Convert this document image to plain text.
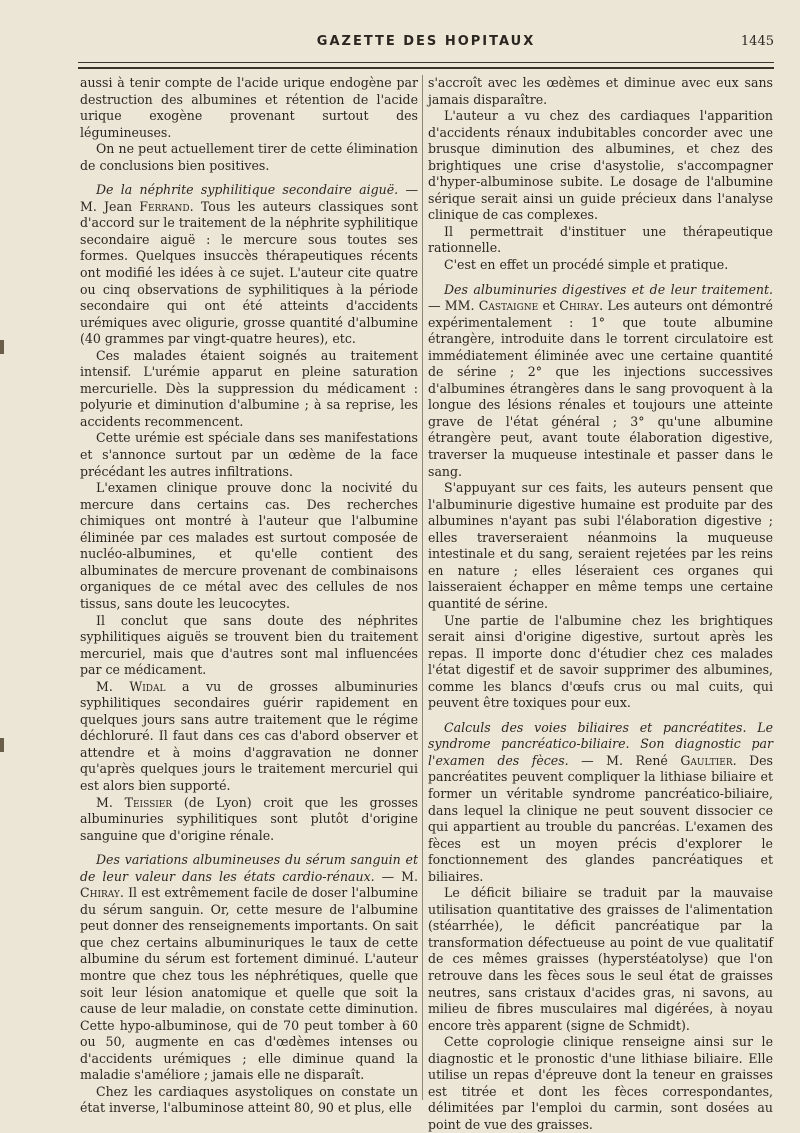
GAZETTE DES HOPITAUX	1445

aussi à tenir compte de l'acide urique endogène par destruction des albumines et rétention de l'acide urique exogène provenant surtout des légumineuses.

On ne peut actuellement tirer de cette élimination de conclusions bien positives.

De la néphrite syphilitique secondaire aiguë. — M. Jean Ferrand. Tous les auteurs classiques sont d'accord sur le traitement de la néphrite syphilitique secondaire aiguë : le mercure sous toutes ses formes. Quelques insuccès thérapeutiques récents ont modifié les idées à ce sujet. L'auteur cite quatre ou cinq observations de syphilitiques à la période secondaire qui ont été atteints d'accidents urémiques avec oligurie, grosse quantité d'albumine (40 grammes par vingt-quatre heures), etc.

Ces malades étaient soignés au traitement intensif. L'urémie apparut en pleine saturation mercurielle. Dès la suppression du médicament : polyurie et diminution d'albumine ; à sa reprise, les accidents recommencent.

Cette urémie est spéciale dans ses manifestations et s'annonce surtout par un œdème de la face précédant les autres infiltrations.

L'examen clinique prouve donc la nocivité du mercure dans certains cas. Des recherches chimiques ont montré à l'auteur que l'albumine éliminée par ces malades est surtout composée de nucléo-albumines, et qu'elle contient des albuminates de mercure provenant de combinaisons organiques de ce métal avec des cellules de nos tissus, sans doute les leucocytes.

Il conclut que sans doute des néphrites syphilitiques aiguës se trouvent bien du traitement mercuriel, mais que d'autres sont mal influencées par ce médicament.

M. Widal a vu de grosses albuminuries syphilitiques secondaires guérir rapidement en quelques jours sans autre traitement que le régime déchloruré. Il faut dans ces cas d'abord observer et attendre et à moins d'aggravation ne donner qu'après quelques jours le traitement mercuriel qui est alors bien supporté.

M. Teissier (de Lyon) croit que les grosses albuminuries syphilitiques sont plutôt d'origine sanguine que d'origine rénale.

Des variations albumineuses du sérum sanguin et de leur valeur dans les états cardio-rénaux. — M. Chiray. Il est extrêmement facile de doser l'albumine du sérum sanguin. Or, cette mesure de l'albumine peut donner des renseignements importants. On sait que chez certains albuminuriques le taux de cette albumine du sérum est fortement diminué. L'auteur montre que chez tous les néphrétiques, quelle que soit leur lésion anatomique et quelle que soit la cause de leur maladie, on constate cette diminution. Cette hypo-albuminose, qui de 70 peut tomber à 60 ou 50, augmente en cas d'œdèmes intenses ou d'accidents urémiques ; elle diminue quand la maladie s'améliore ; jamais elle ne disparaît.

Chez les cardiaques asystoliques on constate un état inverse, l'albuminose atteint 80, 90 et plus, elle

s'accroît avec les œdèmes et diminue avec eux sans jamais disparaître.

L'auteur a vu chez des cardiaques l'apparition d'accidents rénaux indubitables concorder avec une brusque diminution des albumines, et chez des brightiques une crise d'asystolie, s'accompagner d'hyper-albuminose subite. Le dosage de l'albumine sérique serait ainsi un guide précieux dans l'analyse clinique de cas complexes.

Il permettrait d'instituer une thérapeutique rationnelle.

C'est en effet un procédé simple et pratique.

Des albuminuries digestives et de leur traitement. — MM. Castaigne et Chiray. Les auteurs ont démontré expérimentalement : 1° que toute albumine étrangère, introduite dans le torrent circulatoire est immédiatement éliminée avec une certaine quantité de sérine ; 2° que les injections successives d'albumines étrangères dans le sang provoquent à la longue des lésions rénales et toujours une atteinte grave de l'état général ; 3° qu'une albumine étrangère peut, avant toute élaboration digestive, traverser la muqueuse intestinale et passer dans le sang.

S'appuyant sur ces faits, les auteurs pensent que l'albuminurie digestive humaine est produite par des albumines n'ayant pas subi l'élaboration digestive ; elles traverseraient néanmoins la muqueuse intestinale et du sang, seraient rejetées par les reins en nature ; elles léseraient ces organes qui laisseraient échapper en même temps une certaine quantité de sérine.

Une partie de l'albumine chez les brightiques serait ainsi d'origine digestive, surtout après les repas. Il importe donc d'étudier chez ces malades l'état digestif et de savoir supprimer des albumines, comme les blancs d'œufs crus ou mal cuits, qui peuvent être toxiques pour eux.

Calculs des voies biliaires et pancréatites. Le syndrome pancréatico-biliaire. Son diagnostic par l'examen des fèces. — M. René Gaultier. Des pancréatites peuvent compliquer la lithiase biliaire et former un véritable syndrome pancréatico-biliaire, dans lequel la clinique ne peut souvent dissocier ce qui appartient au trouble du pancréas. L'examen des fèces est un moyen précis d'explorer le fonctionnement des glandes pancréatiques et biliaires.

Le déficit biliaire se traduit par la mauvaise utilisation quantitative des graisses de l'alimentation (stéarrhée), le déficit pancréatique par la transformation défectueuse au point de vue qualitatif de ces mêmes graisses (hyperstéatolyse) que l'on retrouve dans les fèces sous le seul état de graisses neutres, sans cristaux d'acides gras, ni savons, au milieu de fibres musculaires mal digérées, à noyau encore très apparent (signe de Schmidt).

Cette coprologie clinique renseigne ainsi sur le diagnostic et le pronostic d'une lithiase biliaire. Elle utilise un repas d'épreuve dont la teneur en graisses est titrée et dont les fèces correspondantes, délimitées par l'emploi du carmin, sont dosées au point de vue des graisses.
